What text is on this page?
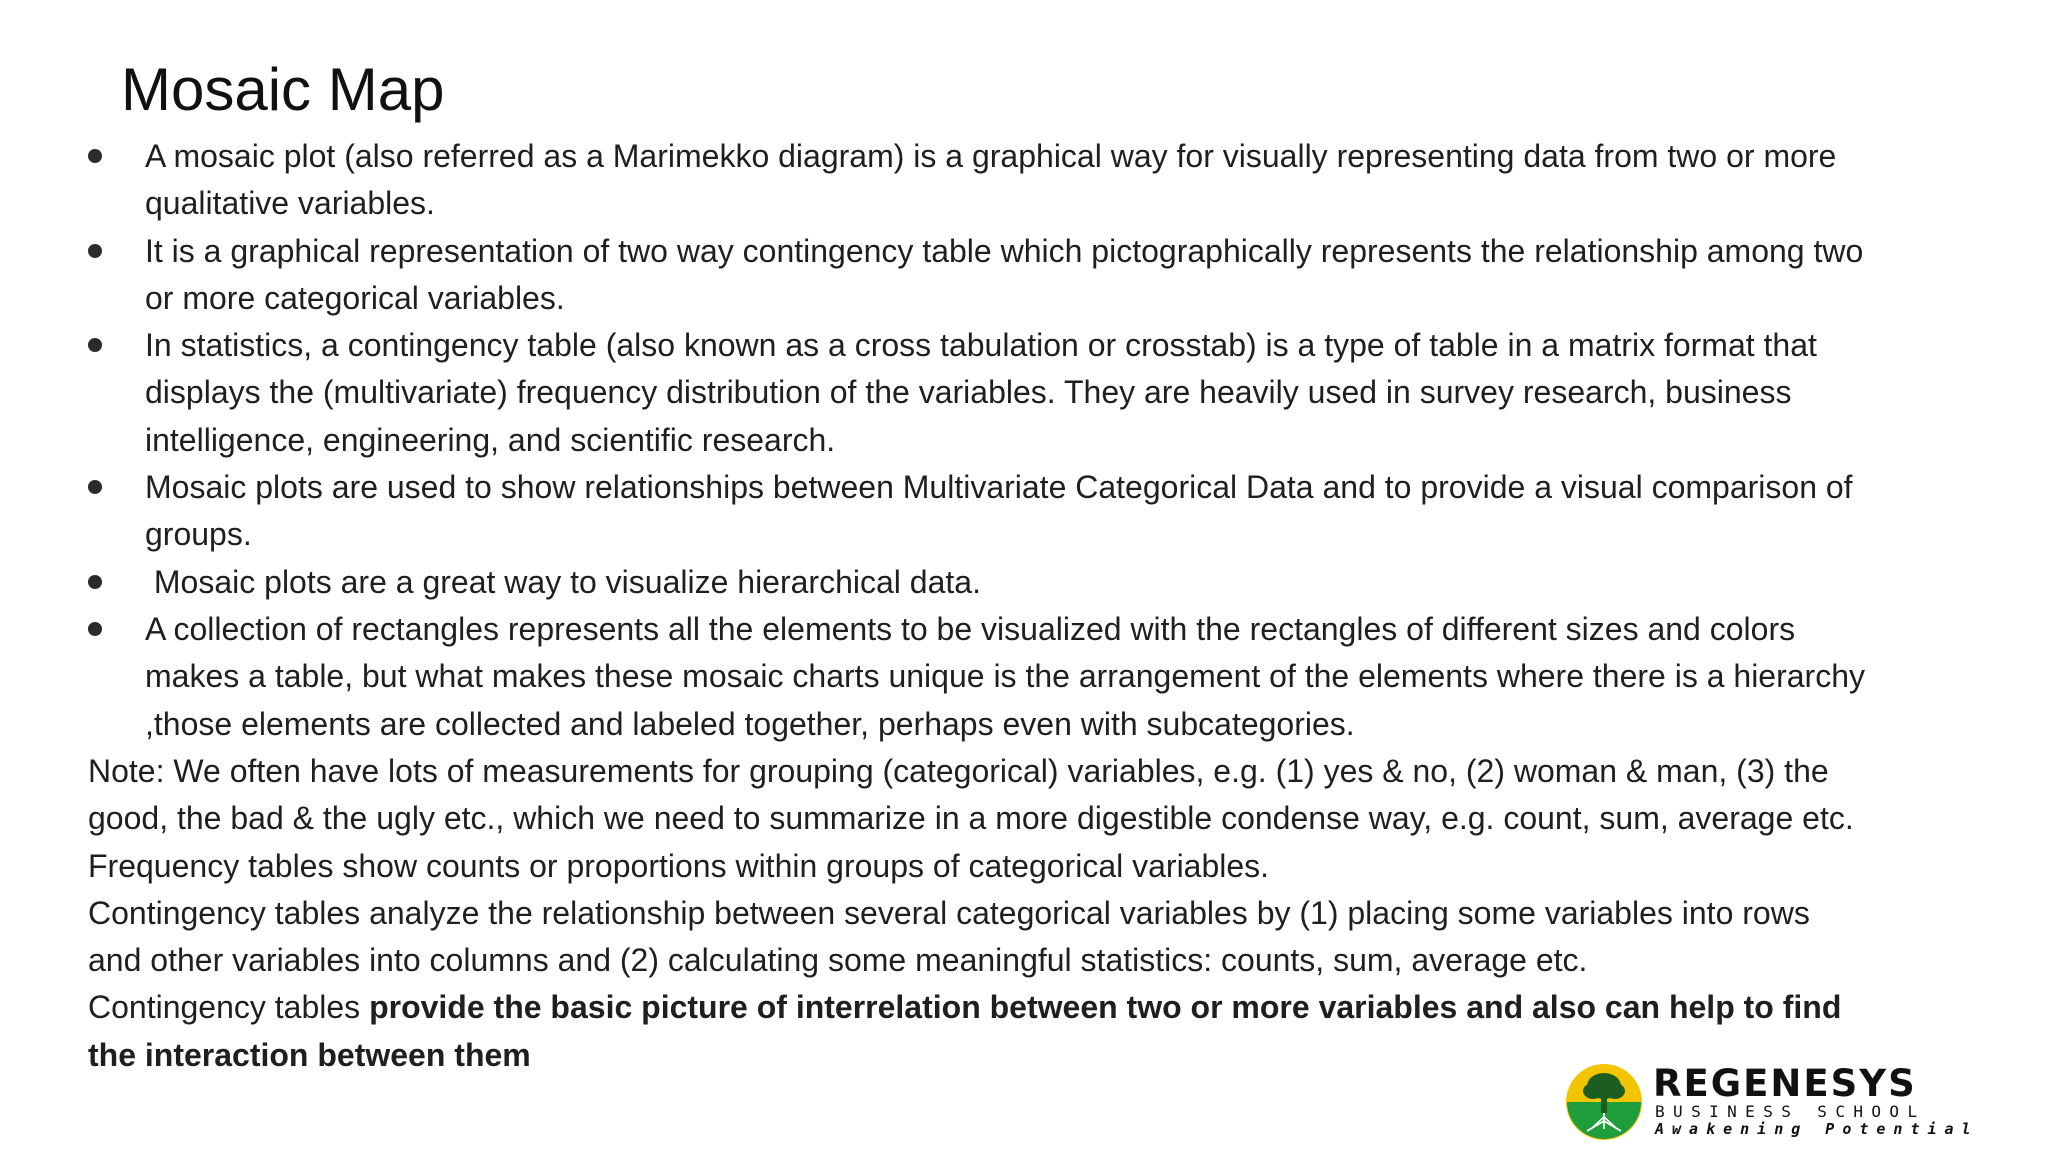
Mosaic Map
A mosaic plot (also referred as a Marimekko diagram) is a graphical way for visually representing data from two or more
qualitative variables.
It is a graphical representation of two way contingency table which pictographically represents the relationship among two
or more categorical variables.
In statistics, a contingency table (also known as a cross tabulation or crosstab) is a type of table in a matrix format that
displays the (multivariate) frequency distribution of the variables. They are heavily used in survey research, business
intelligence, engineering, and scientific research.
Mosaic plots are used to show relationships between Multivariate Categorical Data and to provide a visual comparison of
groups.
Mosaic plots are a great way to visualize hierarchical data.
A collection of rectangles represents all the elements to be visualized with the rectangles of different sizes and colors
makes a table, but what makes these mosaic charts unique is the arrangement of the elements where there is a hierarchy
,those elements are collected and labeled together, perhaps even with subcategories.
Note: We often have lots of measurements for grouping (categorical) variables, e.g. (1) yes & no, (2) woman & man, (3) the
good, the bad & the ugly etc., which we need to summarize in a more digestible condense way, e.g. count, sum, average etc.
Frequency tables show counts or proportions within groups of categorical variables.
Contingency tables analyze the relationship between several categorical variables by (1) placing some variables into rows
and other variables into columns and (2) calculating some meaningful statistics: counts, sum, average etc.
Contingency tables provide the basic picture of interrelation between two or more variables and also can help to find
the interaction between them
REGENESYS
BUSINESS SCHOOL
Awakening Potential
